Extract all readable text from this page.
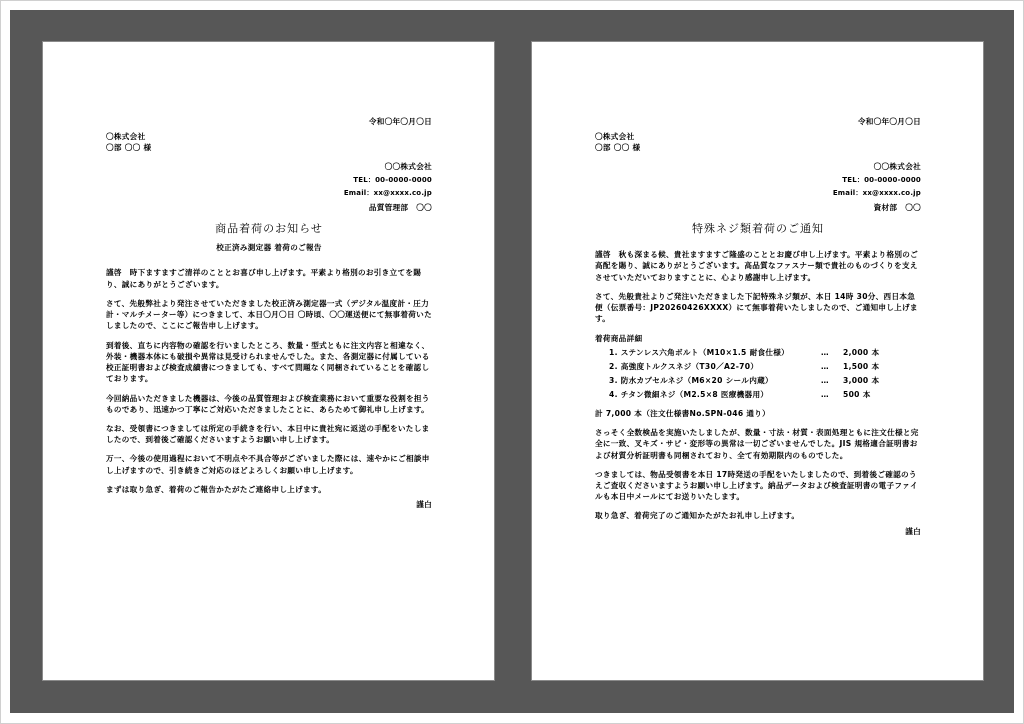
令和〇年〇月〇日
〇株式会社
〇部 〇〇 様
〇〇株式会社
TEL：00-0000-0000
Email：xx@xxxx.co.jp
品質管理部　〇〇
商品着荷のお知らせ
校正済み測定器 着荷のご報告

謹啓　時下ますますご清祥のこととお喜び申し上げます。平素より格別のお引き立てを賜り、誠にありがとうございます。

さて、先般弊社より発注させていただきました校正済み測定器一式（デジタル温度計・圧力計・マルチメーター等）につきまして、本日〇月〇日 〇時頃、〇〇運送便にて無事着荷いたしましたので、ここにご報告申し上げます。

到着後、直ちに内容物の確認を行いましたところ、数量・型式ともに注文内容と相違なく、外装・機器本体にも破損や異常は見受けられませんでした。また、各測定器に付属している校正証明書および検査成績書につきましても、すべて問題なく同梱されていることを確認しております。

今回納品いただきました機器は、今後の品質管理および検査業務において重要な役割を担うものであり、迅速かつ丁寧にご対応いただきましたことに、あらためて御礼申し上げます。

なお、受領書につきましては所定の手続きを行い、本日中に貴社宛に返送の手配をいたしましたので、到着後ご確認くださいますようお願い申し上げます。

万一、今後の使用過程において不明点や不具合等がございました際には、速やかにご相談申し上げますので、引き続きご対応のほどよろしくお願い申し上げます。

まずは取り急ぎ、着荷のご報告かたがたご連絡申し上げます。

謹白
令和〇年〇月〇日
〇株式会社
〇部 〇〇 様
〇〇株式会社
TEL：00-0000-0000
Email：xx@xxxx.co.jp
資材部　〇〇
特殊ネジ類着荷のご通知

謹啓　秋も深まる候、貴社ますますご隆盛のこととお慶び申し上げます。平素より格別のご高配を賜り、誠にありがとうございます。高品質なファスナー類で貴社のものづくりを支えさせていただいておりますことに、心より感謝申し上げます。

さて、先般貴社よりご発注いただきました下記特殊ネジ類が、本日 14時 30分、西日本急便（伝票番号：JP20260426XXXX）にて無事着荷いたしましたので、ご通知申し上げます。

着荷商品詳細
1. ステンレス六角ボルト（M10×1.5 耐食仕様）	…	2,000 本
2. 高強度トルクスネジ（T30／A2-70）	…	1,500 本
3. 防水カプセルネジ（M6×20 シール内蔵）	…	3,000 本
4. チタン微細ネジ（M2.5×8 医療機器用）	…	500 本
計 7,000 本（注文仕様書No.SPN-046 通り）

さっそく全数検品を実施いたしましたが、数量・寸法・材質・表面処理ともに注文仕様と完全に一致、叉キズ・サビ・変形等の異常は一切ございませんでした。JIS 規格適合証明書および材質分析証明書も同梱されており、全て有効期限内のものでした。

つきましては、物品受領書を本日 17時発送の手配をいたしましたので、到着後ご確認のうえご査収くださいますようお願い申し上げます。納品データおよび検査証明書の電子ファイルも本日中メールにてお送りいたします。

取り急ぎ、着荷完了のご通知かたがたお礼申し上げます。

謹白
